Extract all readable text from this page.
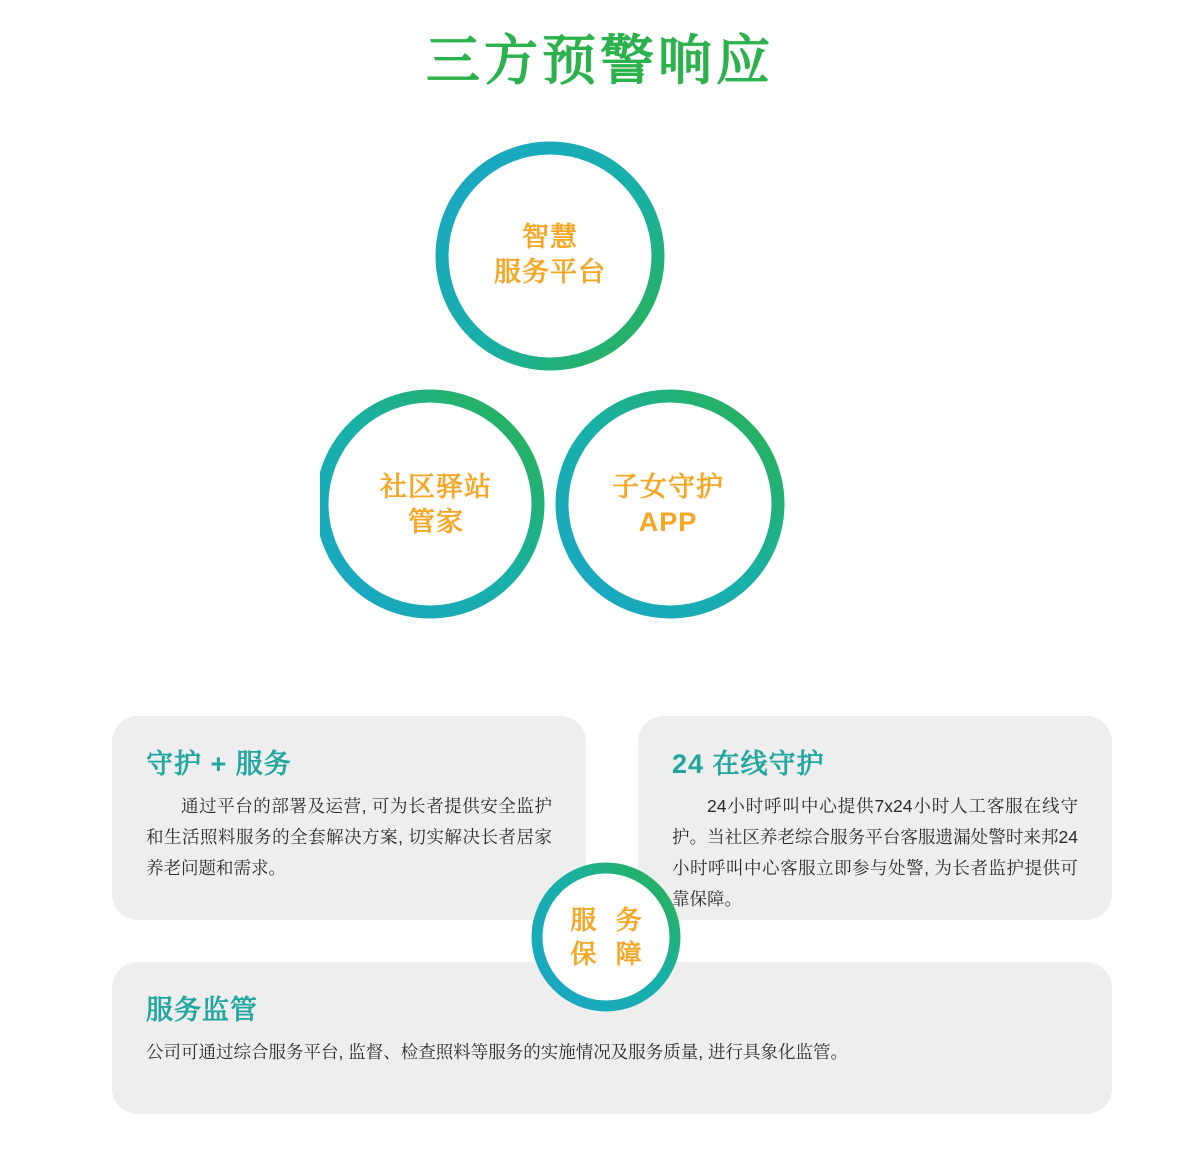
三方预警响应
智慧
服务平台
社区驿站
管家
子女守护
APP
守护 + 服务
通过平台的部署及运营, 可为长者提供安全监护和生活照料服务的全套解决方案, 切实解决长者居家养老问题和需求。
24 在线守护
24小时呼叫中心提供7x24小时人工客服在线守护。当社区养老综合服务平台客服遗漏处警时来邦24小时呼叫中心客服立即参与处警, 为长者监护提供可靠保障。
服务监管
公司可通过综合服务平台, 监督、检查照料等服务的实施情况及服务质量, 进行具象化监管。
服 务
保 障
